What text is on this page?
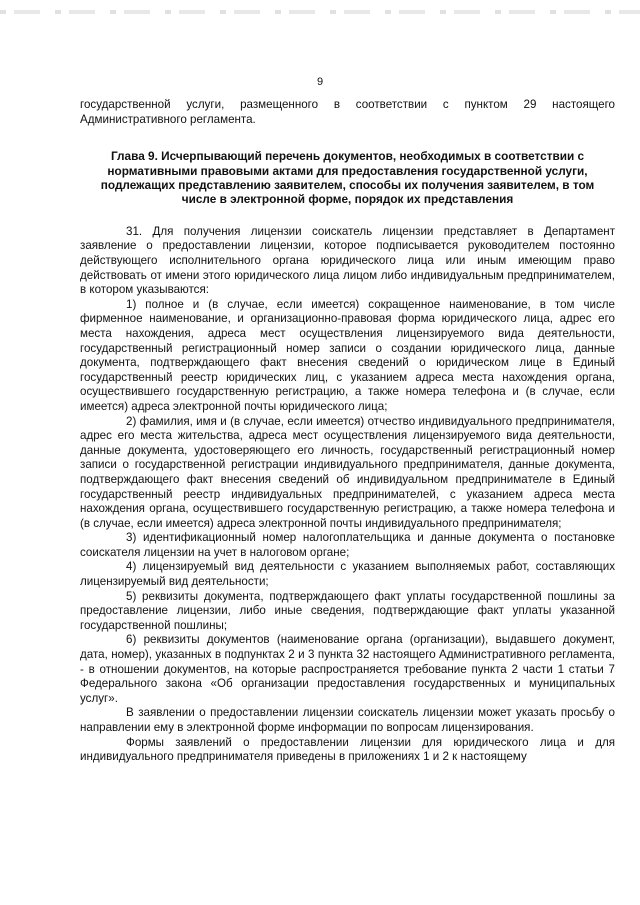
9

государственной услуги, размещенного в соответствии с пунктом 29 настоящего Административного регламента.

Глава 9. Исчерпывающий перечень документов, необходимых в соответствии с нормативными правовыми актами для предоставления государственной услуги, подлежащих представлению заявителем, способы их получения заявителем, в том числе в электронной форме, порядок их представления

31. Для получения лицензии соискатель лицензии представляет в Департамент заявление о предоставлении лицензии, которое подписывается руководителем постоянно действующего исполнительного органа юридического лица или иным имеющим право действовать от имени этого юридического лица лицом либо индивидуальным предпринимателем, в котором указываются:

1) полное и (в случае, если имеется) сокращенное наименование, в том числе фирменное наименование, и организационно-правовая форма юридического лица, адрес его места нахождения, адреса мест осуществления лицензируемого вида деятельности, государственный регистрационный номер записи о создании юридического лица, данные документа, подтверждающего факт внесения сведений о юридическом лице в Единый государственный реестр юридических лиц, с указанием адреса места нахождения органа, осуществившего государственную регистрацию, а также номера телефона и (в случае, если имеется) адреса электронной почты юридического лица;

2) фамилия, имя и (в случае, если имеется) отчество индивидуального предпринимателя, адрес его места жительства, адреса мест осуществления лицензируемого вида деятельности, данные документа, удостоверяющего его личность, государственный регистрационный номер записи о государственной регистрации индивидуального предпринимателя, данные документа, подтверждающего факт внесения сведений об индивидуальном предпринимателе в Единый государственный реестр индивидуальных предпринимателей, с указанием адреса места нахождения органа, осуществившего государственную регистрацию, а также номера телефона и (в случае, если имеется) адреса электронной почты индивидуального предпринимателя;

3) идентификационный номер налогоплательщика и данные документа о постановке соискателя лицензии на учет в налоговом органе;

4) лицензируемый вид деятельности с указанием выполняемых работ, составляющих лицензируемый вид деятельности;

5) реквизиты документа, подтверждающего факт уплаты государственной пошлины за предоставление лицензии, либо иные сведения, подтверждающие факт уплаты указанной государственной пошлины;

6) реквизиты документов (наименование органа (организации), выдавшего документ, дата, номер), указанных в подпунктах 2 и 3 пункта 32 настоящего Административного регламента, - в отношении документов, на которые распространяется требование пункта 2 части 1 статьи 7 Федерального закона «Об организации предоставления государственных и муниципальных услуг».

В заявлении о предоставлении лицензии соискатель лицензии может указать просьбу о направлении ему в электронной форме информации по вопросам лицензирования.

Формы заявлений о предоставлении лицензии для юридического лица и для индивидуального предпринимателя приведены в приложениях 1 и 2 к настоящему
